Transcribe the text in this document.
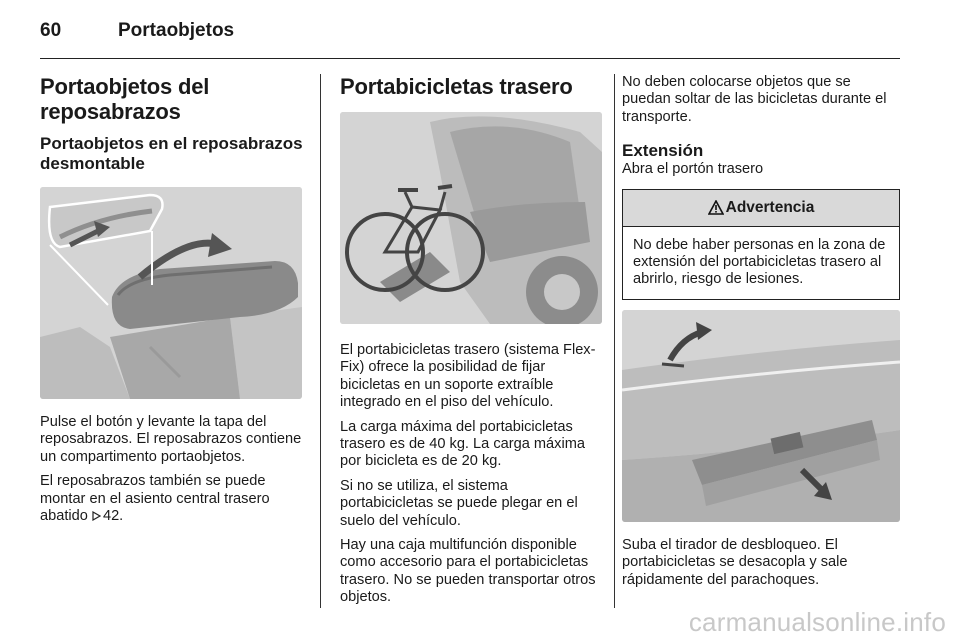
60	Portaobjetos
Portaobjetos del reposabrazos
Portaobjetos en el reposabrazos desmontable

Pulse el botón y levante la tapa del reposabrazos. El reposabrazos contiene un compartimento portaobjetos.

El reposabrazos también se puede montar en el asiento central trasero abatido 42.

Portabicicletas trasero

El portabicicletas trasero (sistema Flex-Fix) ofrece la posibilidad de fijar bicicletas en un soporte extraíble integrado en el piso del vehículo.

La carga máxima del portabicicletas trasero es de 40 kg. La carga máxima por bicicleta es de 20 kg.

Si no se utiliza, el sistema portabicicletas se puede plegar en el suelo del vehículo.

Hay una caja multifunción disponible como accesorio para el portabicicletas trasero. No se pueden transportar otros objetos.

No deben colocarse objetos que se puedan soltar de las bicicletas durante el transporte.

Extensión

Abra el portón trasero

Advertencia

No debe haber personas en la zona de extensión del portabicicletas trasero al abrirlo, riesgo de lesiones.

Suba el tirador de desbloqueo. El portabicicletas se desacopla y sale rápidamente del parachoques.

carmanualsonline.info
